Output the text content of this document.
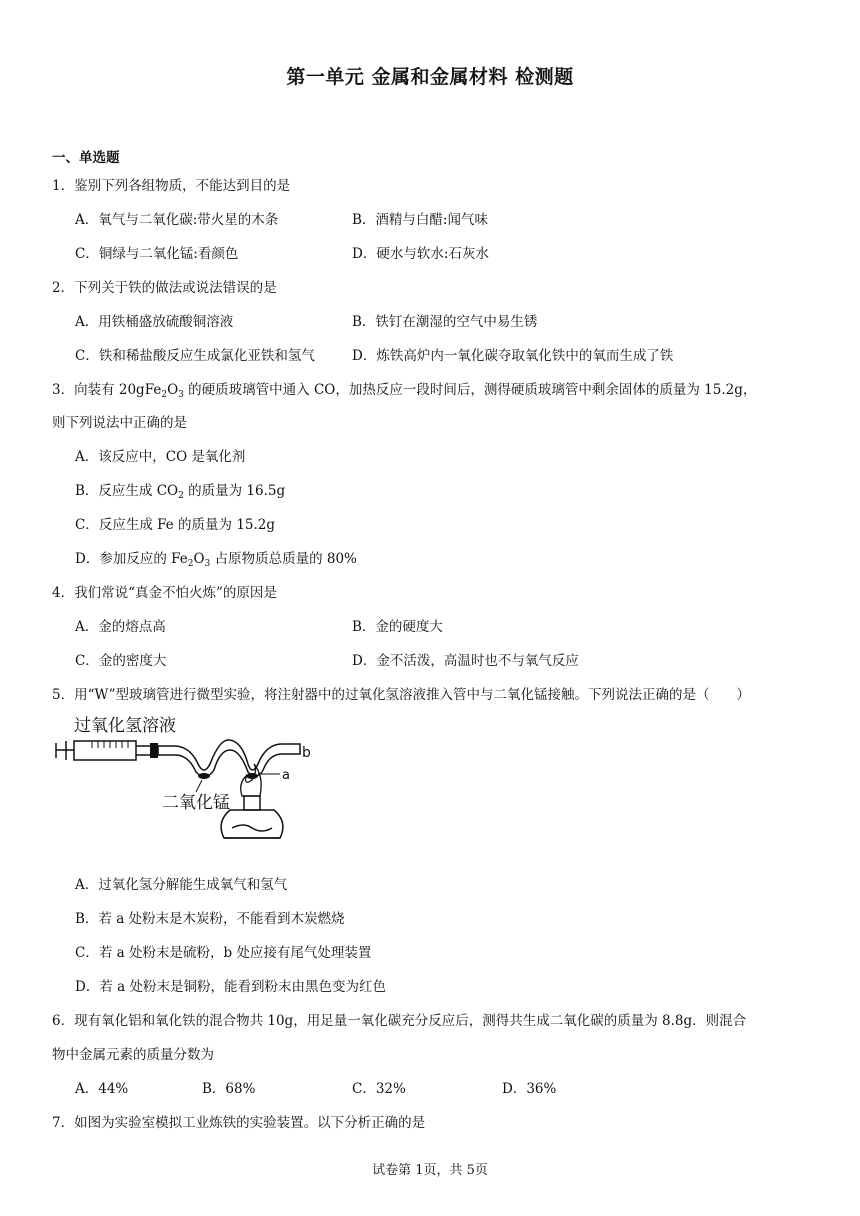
第一单元 金属和金属材料 检测题
一、单选题
1．鉴别下列各组物质，不能达到目的是
A．氧气与二氧化碳:带火星的木条	B．酒精与白醋:闻气味
C．铜绿与二氧化锰:看颜色	D．硬水与软水:石灰水
2．下列关于铁的做法或说法错误的是
A．用铁桶盛放硫酸铜溶液	B．铁钉在潮湿的空气中易生锈
C．铁和稀盐酸反应生成氯化亚铁和氢气	D．炼铁高炉内一氧化碳夺取氧化铁中的氧而生成了铁
3．向装有 $20gFe_2O_3$ 的硬质玻璃管中通入 CO，加热反应一段时间后，测得硬质玻璃管中剩余固体的质量为 15.2g，
则下列说法中正确的是
A．该反应中，CO 是氧化剂
B．反应生成 $CO_2$ 的质量为 16.5g
C．反应生成 Fe 的质量为 15.2g
D．参加反应的 $Fe_2O_3$ 占原物质总质量的 80%
4．我们常说“真金不怕火炼”的原因是
A．金的熔点高	B．金的硬度大
C．金的密度大	D．金不活泼，高温时也不与氧气反应
5．用“W”型玻璃管进行微型实验，将注射器中的过氧化氢溶液推入管中与二氧化锰接触。下列说法正确的是（　　）
过氧化氢溶液
二氧化锰
a
b
A．过氧化氢分解能生成氧气和氢气
B．若 a 处粉末是木炭粉，不能看到木炭燃烧
C．若 a 处粉末是硫粉，b 处应接有尾气处理装置
D．若 a 处粉末是铜粉，能看到粉末由黑色变为红色
6．现有氧化铝和氧化铁的混合物共 10g，用足量一氧化碳充分反应后，测得共生成二氧化碳的质量为 8.8g．则混合
物中金属元素的质量分数为
A．44%	B．68%	C．32%	D．36%
7．如图为实验室模拟工业炼铁的实验装置。以下分析正确的是
试卷第 1页，共 5页
